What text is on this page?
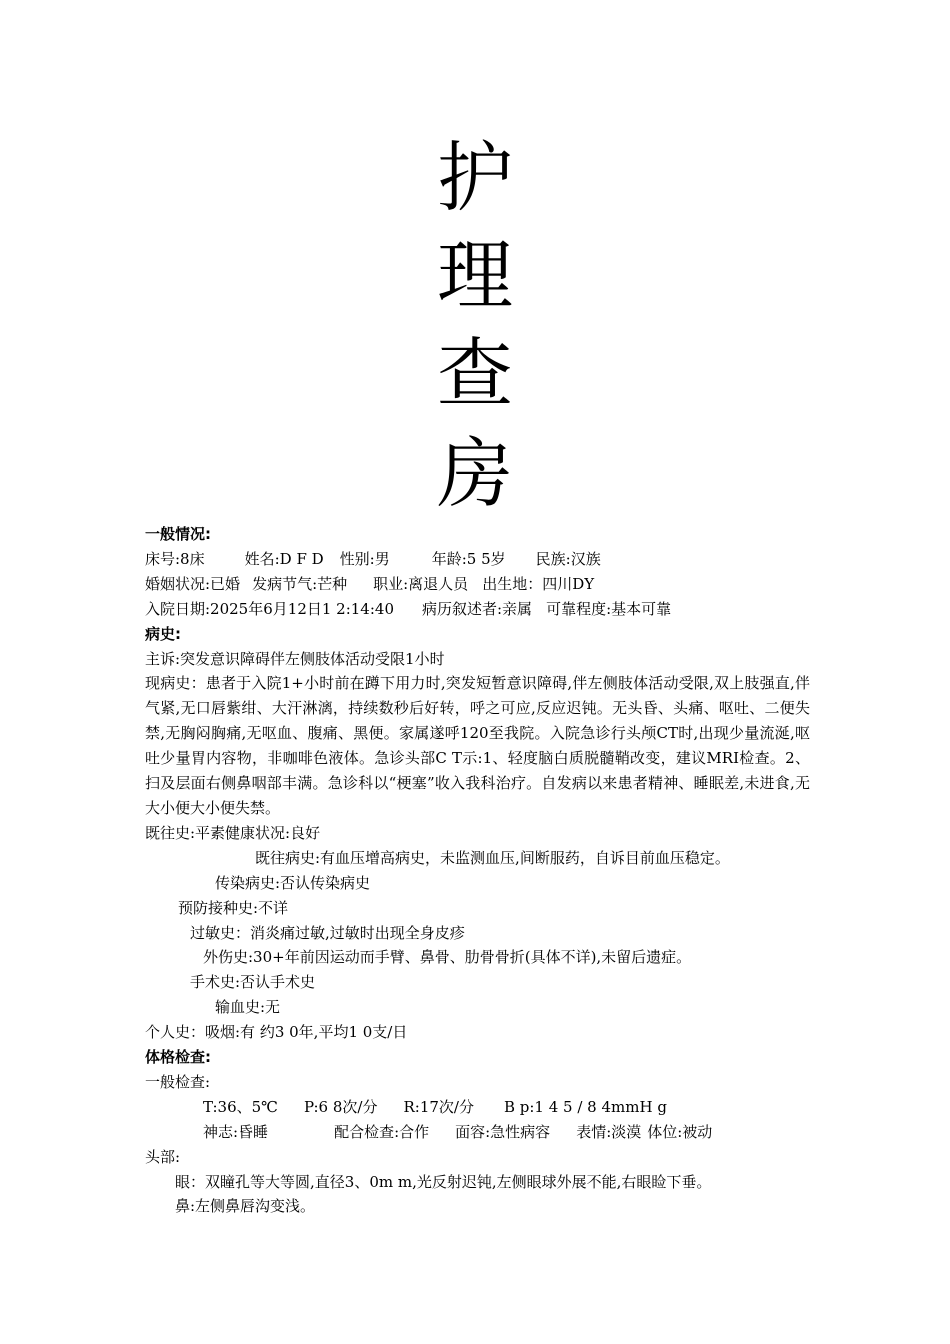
护
理
查
房
一般情况:
床号:8床	姓名:D F D 性别:男	年龄:5 5岁 民族:汉族
婚姻状况:已婚 发病节气:芒种 职业:离退人员 出生地：四川DY
入院日期:2025年6月12日1 2:14:40 病历叙述者:亲属 可靠程度:基本可靠
病史:
主诉:突发意识障碍伴左侧肢体活动受限1小时
现病史：患者于入院1+小时前在蹲下用力时,突发短暂意识障碍,伴左侧肢体活动受限,双上肢强直,伴气紧,无口唇紫绀、大汗淋漓，持续数秒后好转，呼之可应,反应迟钝。无头昏、头痛、呕吐、二便失禁,无胸闷胸痛,无呕血、腹痛、黑便。家属遂呼120至我院。入院急诊行头颅CT时,出现少量流涎,呕吐少量胃内容物，非咖啡色液体。急诊头部C T示:1、轻度脑白质脱髓鞘改变，建议MRI检查。2、扫及层面右侧鼻咽部丰满。急诊科以“梗塞”收入我科治疗。自发病以来患者精神、睡眠差,未进食,无大小便大小便失禁。
既往史:平素健康状况:良好
既往病史:有血压增高病史，未监测血压,间断服药，自诉目前血压稳定。
传染病史:否认传染病史
预防接种史:不详
过敏史：消炎痛过敏,过敏时出现全身皮疹
外伤史:30+年前因运动而手臂、鼻骨、肋骨骨折(具体不详),未留后遗症。
手术史:否认手术史
输血史:无
个人史：吸烟:有 约3 0年,平均1 0支/日
体格检查:
一般检查:
T:36、5℃ P:6 8次/分 R:17次/分 B p:1 4 5 / 8 4mmH g
神志:昏睡	配合检查:合作 面容:急性病容 表情:淡漠 体位:被动
头部:
眼：双瞳孔等大等圆,直径3、0m m,光反射迟钝,左侧眼球外展不能,右眼睑下垂。
鼻:左侧鼻唇沟变浅。
